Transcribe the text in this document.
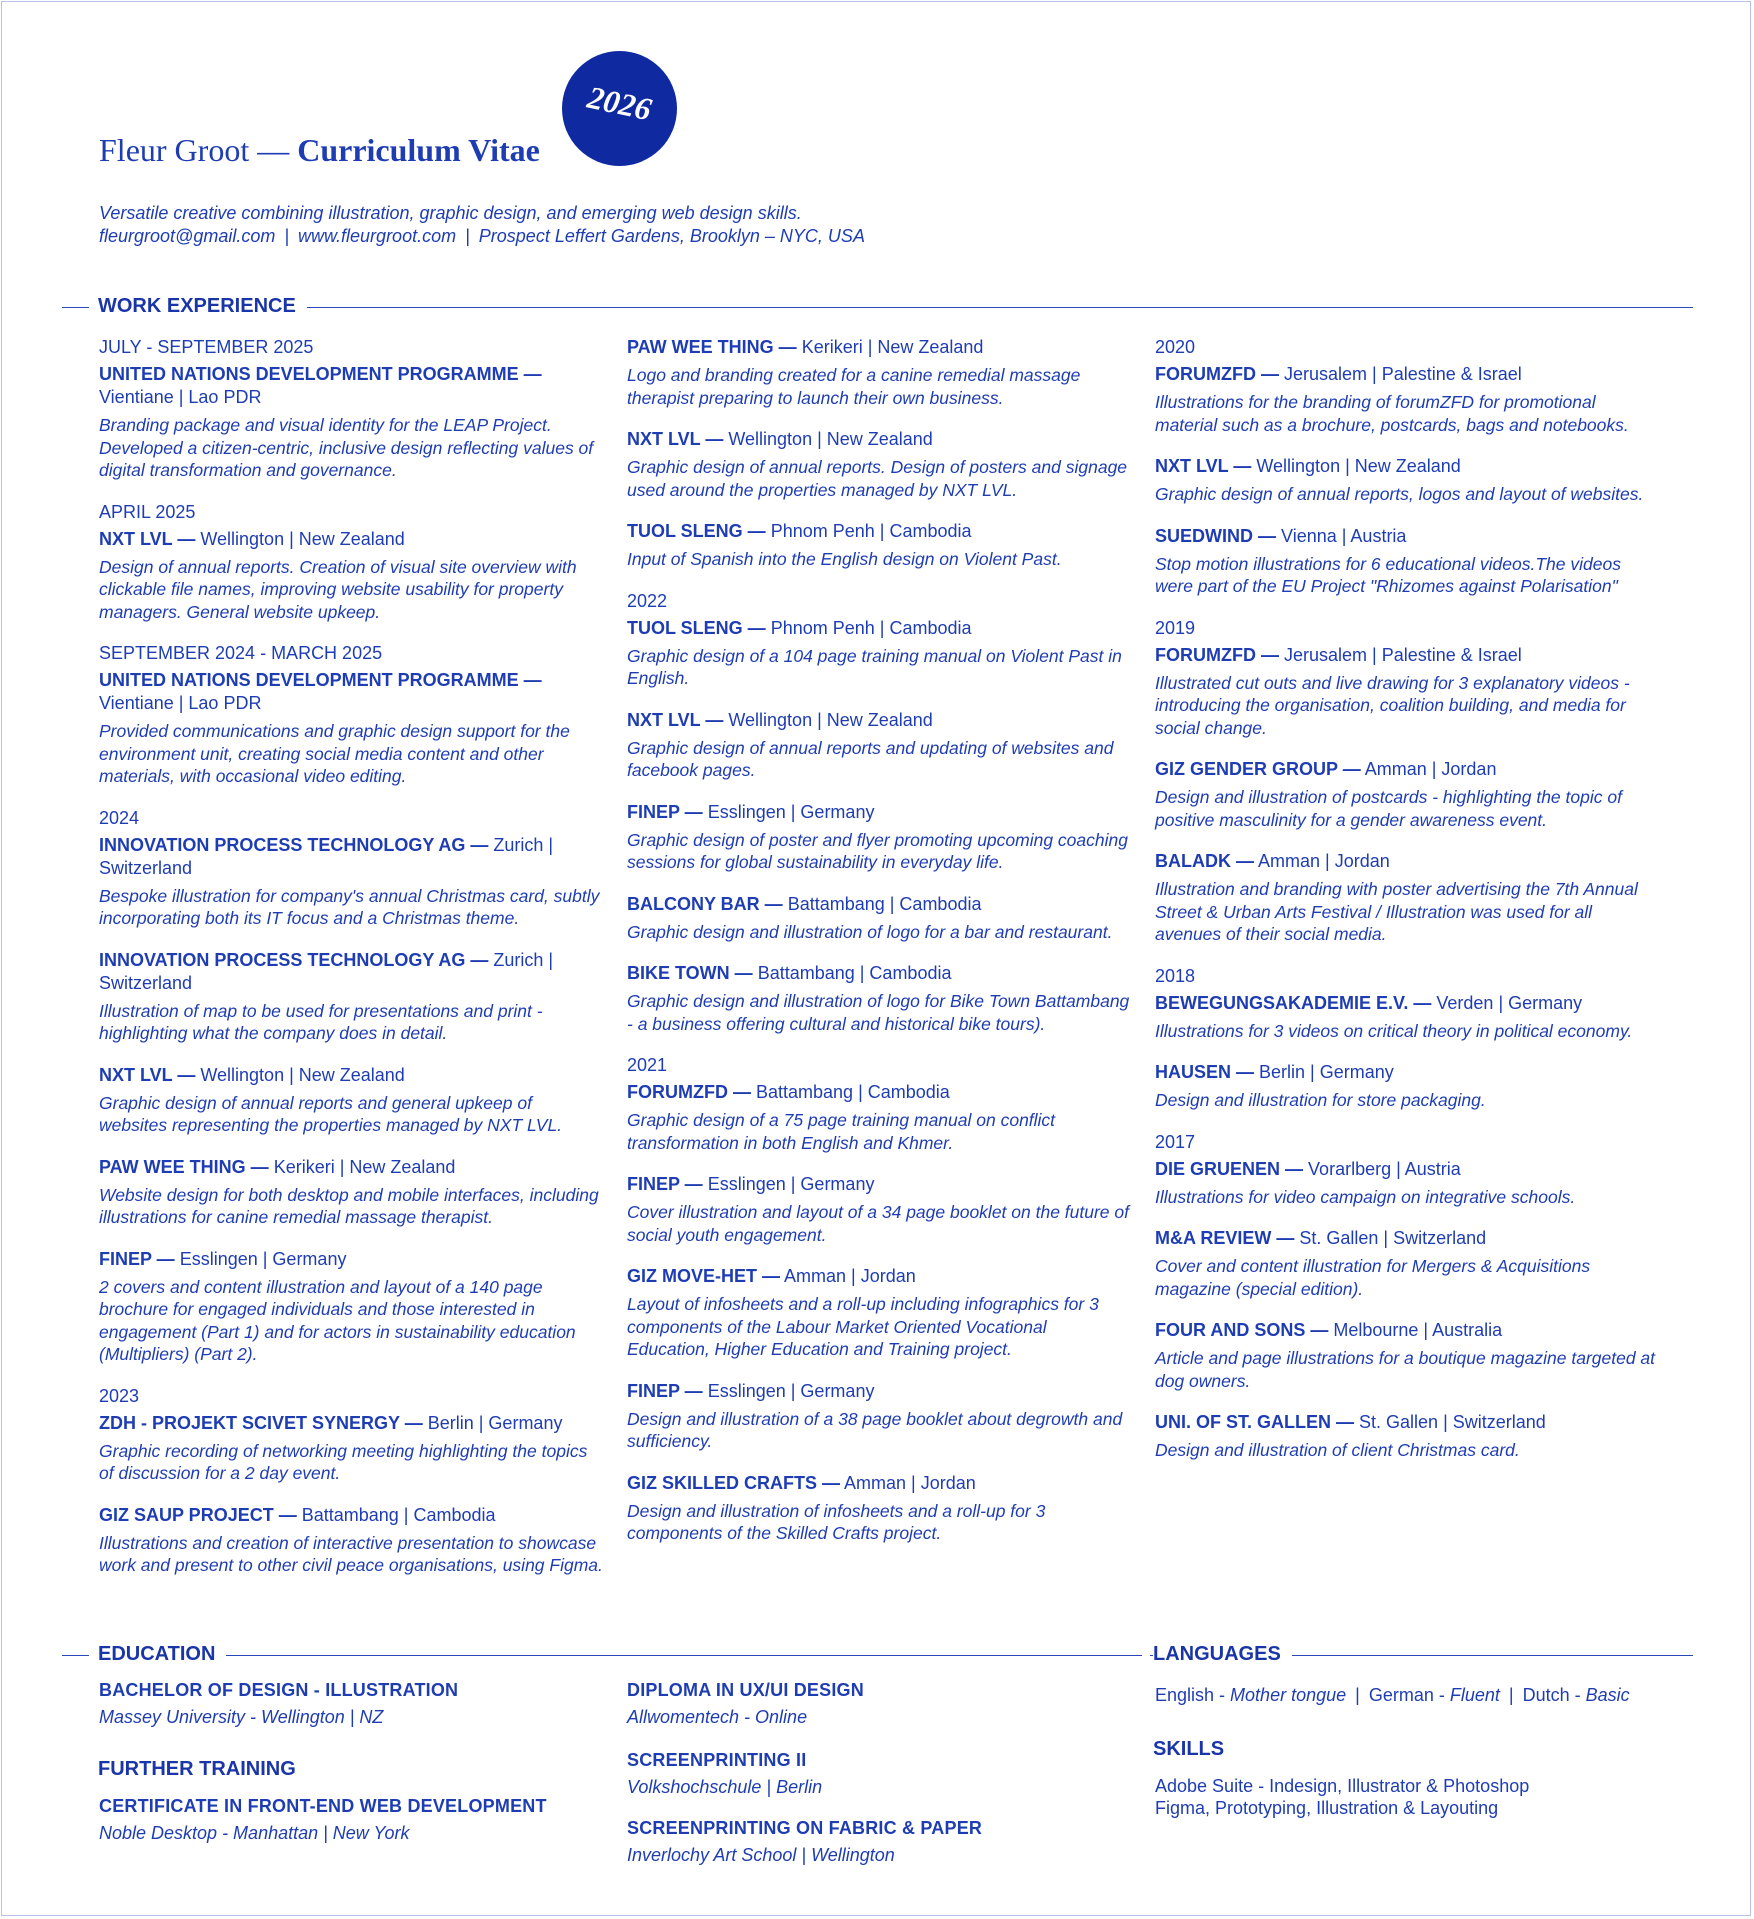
Fleur Groot — Curriculum Vitae
2026
Versatile creative combining illustration, graphic design, and emerging web design skills.
fleurgroot@gmail.com | www.fleurgroot.com | Prospect Leffert Gardens, Brooklyn – NYC, USA
WORK EXPERIENCE
JULY - SEPTEMBER 2025
UNITED NATIONS DEVELOPMENT PROGRAMME — Vientiane | Lao PDR
Branding package and visual identity for the LEAP Project. Developed a citizen-centric, inclusive design reflecting values of digital transformation and governance.
APRIL 2025
NXT LVL — Wellington | New Zealand
Design of annual reports. Creation of visual site overview with clickable file names, improving website usability for property managers. General website upkeep.
SEPTEMBER 2024 - MARCH 2025
UNITED NATIONS DEVELOPMENT PROGRAMME — Vientiane | Lao PDR
Provided communications and graphic design support for the environment unit, creating social media content and other materials, with occasional video editing.
2024
INNOVATION PROCESS TECHNOLOGY AG — Zurich | Switzerland
Bespoke illustration for company's annual Christmas card, subtly incorporating both its IT focus and a Christmas theme.
INNOVATION PROCESS TECHNOLOGY AG — Zurich | Switzerland
Illustration of map to be used for presentations and print - highlighting what the company does in detail.
NXT LVL — Wellington | New Zealand
Graphic design of annual reports and general upkeep of websites representing the properties managed by NXT LVL.
PAW WEE THING — Kerikeri | New Zealand
Website design for both desktop and mobile interfaces, including illustrations for canine remedial massage therapist.
FINEP — Esslingen | Germany
2 covers and content illustration and layout of a 140 page brochure for engaged individuals and those interested in engagement (Part 1) and for actors in sustainability education (Multipliers) (Part 2).
2023
ZDH - PROJEKT SCIVET SYNERGY — Berlin | Germany
Graphic recording of networking meeting highlighting the topics of discussion for a 2 day event.
GIZ SAUP PROJECT — Battambang | Cambodia
Illustrations and creation of interactive presentation to showcase work and present to other civil peace organisations, using Figma.
PAW WEE THING — Kerikeri | New Zealand
Logo and branding created for a canine remedial massage therapist preparing to launch their own business.
NXT LVL — Wellington | New Zealand
Graphic design of annual reports. Design of posters and signage used around the properties managed by NXT LVL.
TUOL SLENG — Phnom Penh | Cambodia
Input of Spanish into the English design on Violent Past.
2022
TUOL SLENG — Phnom Penh | Cambodia
Graphic design of a 104 page training manual on Violent Past in English.
NXT LVL — Wellington | New Zealand
Graphic design of annual reports and updating of websites and facebook pages.
FINEP — Esslingen | Germany
Graphic design of poster and flyer promoting upcoming coaching sessions for global sustainability in everyday life.
BALCONY BAR — Battambang | Cambodia
Graphic design and illustration of logo for a bar and restaurant.
BIKE TOWN — Battambang | Cambodia
Graphic design and illustration of logo for Bike Town Battambang - a business offering cultural and historical bike tours).
2021
FORUMZFD — Battambang | Cambodia
Graphic design of a 75 page training manual on conflict transformation in both English and Khmer.
FINEP — Esslingen | Germany
Cover illustration and layout of a 34 page booklet on the future of social youth engagement.
GIZ MOVE-HET — Amman | Jordan
Layout of infosheets and a roll-up including infographics for 3 components of the Labour Market Oriented Vocational Education, Higher Education and Training project.
FINEP — Esslingen | Germany
Design and illustration of a 38 page booklet about degrowth and sufficiency.
GIZ SKILLED CRAFTS — Amman | Jordan
Design and illustration of infosheets and a roll-up for 3 components of the Skilled Crafts project.
2020
FORUMZFD — Jerusalem | Palestine & Israel
Illustrations for the branding of forumZFD for promotional material such as a brochure, postcards, bags and notebooks.
NXT LVL — Wellington | New Zealand
Graphic design of annual reports, logos and layout of websites.
SUEDWIND — Vienna | Austria
Stop motion illustrations for 6 educational videos.The videos were part of the EU Project "Rhizomes against Polarisation"
2019
FORUMZFD — Jerusalem | Palestine & Israel
Illustrated cut outs and live drawing for 3 explanatory videos - introducing the organisation, coalition building, and media for social change.
GIZ GENDER GROUP — Amman | Jordan
Design and illustration of postcards - highlighting the topic of positive masculinity for a gender awareness event.
BALADK — Amman | Jordan
Illustration and branding with poster advertising the 7th Annual Street & Urban Arts Festival / Illustration was used for all avenues of their social media.
2018
BEWEGUNGSAKADEMIE E.V. — Verden | Germany
Illustrations for 3 videos on critical theory in political economy.
HAUSEN — Berlin | Germany
Design and illustration for store packaging.
2017
DIE GRUENEN — Vorarlberg | Austria
Illustrations for video campaign on integrative schools.
M&A REVIEW — St. Gallen | Switzerland
Cover and content illustration for Mergers & Acquisitions magazine (special edition).
FOUR AND SONS — Melbourne | Australia
Article and page illustrations for a boutique magazine targeted at dog owners.
UNI. OF ST. GALLEN — St. Gallen | Switzerland
Design and illustration of client Christmas card.
EDUCATION	LANGUAGES
BACHELOR OF DESIGN - ILLUSTRATION
Massey University - Wellington | NZ
DIPLOMA IN UX/UI DESIGN
Allwomentech - Online
FURTHER TRAINING
CERTIFICATE IN FRONT-END WEB DEVELOPMENT
Noble Desktop - Manhattan | New York
SCREENPRINTING II
Volkshochschule | Berlin
SCREENPRINTING ON FABRIC & PAPER
Inverlochy Art School | Wellington
English - Mother tongue | German - Fluent | Dutch - Basic
SKILLS
Adobe Suite - Indesign, Illustrator & Photoshop
Figma, Prototyping, Illustration & Layouting
